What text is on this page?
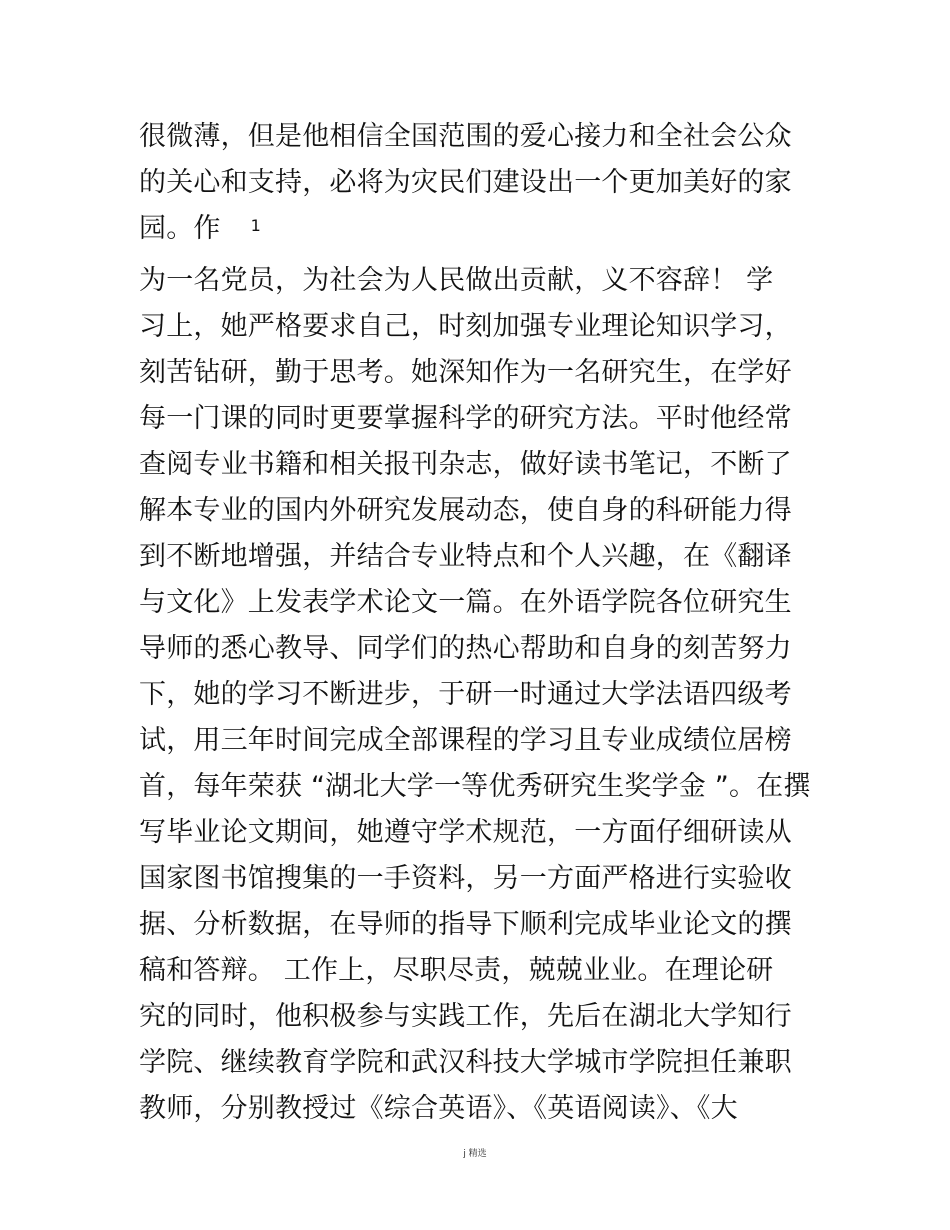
很微薄，但是他相信全国范围的爱心接力和全社会公众
的关心和支持，必将为灾民们建设出一个更加美好的家
园。作 1
为一名党员，为社会为人民做出贡献，义不容辞！ 学
习上，她严格要求自己，时刻加强专业理论知识学习，
刻苦钻研，勤于思考。她深知作为一名研究生，在学好
每一门课的同时更要掌握科学的研究方法。平时他经常
查阅专业书籍和相关报刊杂志，做好读书笔记，不断了
解本专业的国内外研究发展动态，使自身的科研能力得
到不断地增强，并结合专业特点和个人兴趣，在《翻译
与文化》上发表学术论文一篇。在外语学院各位研究生
导师的悉心教导、同学们的热心帮助和自身的刻苦努力
下，她的学习不断进步，于研一时通过大学法语四级考
试，用三年时间完成全部课程的学习且专业成绩位居榜
首，每年荣获 “湖北大学一等优秀研究生奖学金 ”。在撰
写毕业论文期间，她遵守学术规范，一方面仔细研读从
国家图书馆搜集的一手资料，另一方面严格进行实验收
据、分析数据，在导师的指导下顺利完成毕业论文的撰
稿和答辩。 工作上，尽职尽责，兢兢业业。在理论研
究的同时，他积极参与实践工作，先后在湖北大学知行
学院、继续教育学院和武汉科技大学城市学院担任兼职
教师，分别教授过《综合英语》、《英语阅读》、《大
j 精选
